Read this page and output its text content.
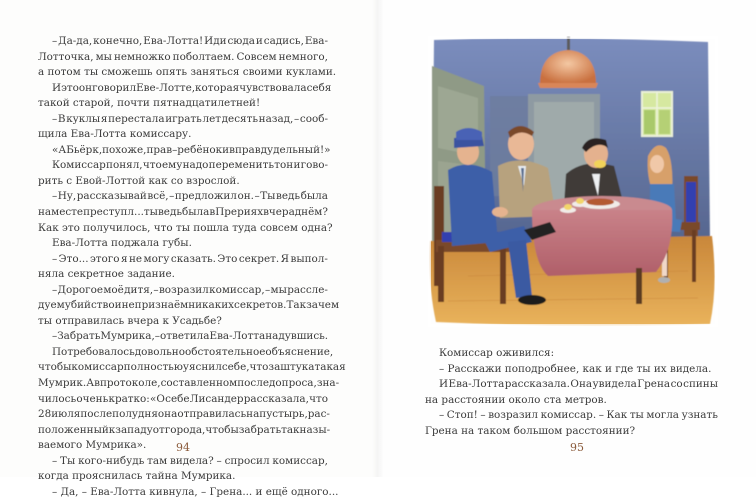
– Да-да, конечно, Ева-Лотта! Иди сюда и садись, Ева-
Лотточка, мы немножко поболтаем. Совсем немного,
а потом ты сможешь опять заняться своими куклами.
И это он говорил Еве-Лотте, которая чувствовала себя
такой старой, почти пятнадцатилетней!
– В куклы я перестала играть лет десять назад, – сооб-
щила Ева-Лотта комиссару.
«А Бьёрк, похоже, прав – ребёнок и вправду дельный!»
Комиссар понял, что ему надо переменить тон и гово-
рить с Евой-Лоттой как со взрослой.
– Ну, рассказывай всё, – предложил он. – Ты ведь была
на месте преступл... ты ведь была в Прериях вчера днём?
Как это получилось, что ты пошла туда совсем одна?
Ева-Лотта поджала губы.
– Это... этого я не могу сказать. Это секрет. Я выпол-
няла секретное задание.
– Дорогое моё дитя, – возразил комиссар, – мы рассле-
дуем убийство и не признаём никаких секретов. Так зачем
ты отправилась вчера к Усадьбе?
– Забрать Мумрика, – ответила Ева-Лотта надувшись.
Потребовалось довольно обстоятельное объяснение,
чтобы комиссар полностью уяснил себе, что за штука такая
Мумрик. А в протоколе, составленном после допроса, зна-
чилось очень кратко: «О себе Лисандер рассказала, что
28 июля после полудня она отправилась на пустырь, рас-
положенный к западу от города, чтобы забрать так назы-
ваемого Мумрика».
– Ты кого-нибудь там видела? – спросил комиссар,
когда прояснилась тайна Мумрика.
– Да, – Ева-Лотта кивнула, – Грена... и ещё одного...
94	95
Комиссар оживился:
– Расскажи поподробнее, как и где ты их видела.
И Ева-Лотта рассказала. Она увидела Грена со спины
на расстоянии около ста метров.
– Стоп! – возразил комиссар. – Как ты могла узнать
Грена на таком большом расстоянии?
